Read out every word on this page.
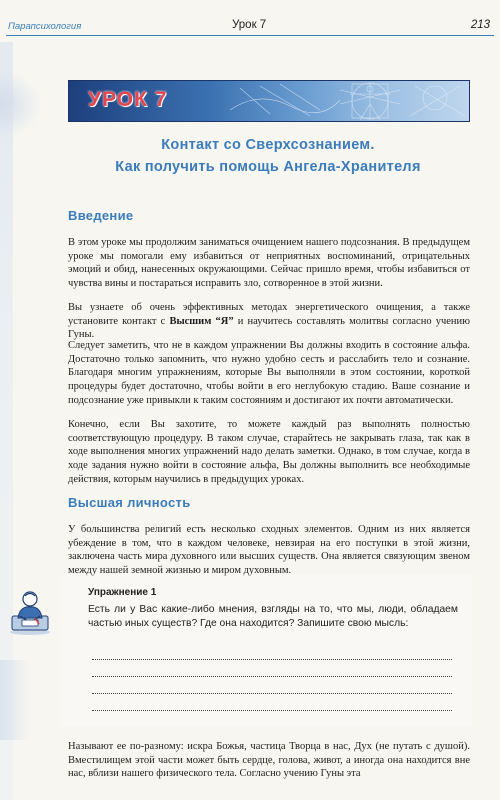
Парапсихология	Урок 7	213
УРОК 7
Контакт со Сверхсознанием.
Как получить помощь Ангела-Хранителя
Введение

В этом уроке мы продолжим заниматься очищением нашего подсознания. В предыдущем уроке мы помогали ему избавиться от неприятных воспоминаний, отрицательных эмоций и обид, нанесенных окружающими. Сейчас пришло время, чтобы избавиться от чувства вины и постараться исправить зло, сотворенное в этой жизни.

Вы узнаете об очень эффективных методах энергетического очищения, а также установите контакт с Высшим “Я” и научитесь составлять молитвы согласно учению Гуны.

Следует заметить, что не в каждом упражнении Вы должны входить в состояние альфа. Достаточно только запомнить, что нужно удобно сесть и расслабить тело и сознание. Благодаря многим упражнениям, которые Вы выполняли в этом состоянии, короткой процедуры будет достаточно, чтобы войти в его неглубокую стадию. Ваше сознание и подсознание уже привыкли к таким состояниям и достигают их почти автоматически.

Конечно, если Вы захотите, то можете каждый раз выполнять полностью соответствующую процедуру. В таком случае, старайтесь не закрывать глаза, так как в ходе выполнения многих упражнений надо делать заметки. Однако, в том случае, когда в ходе задания нужно войти в состояние альфа, Вы должны выполнить все необходимые действия, которым научились в предыдущих уроках.

Высшая личность

У большинства религий есть несколько сходных элементов. Одним из них является убеждение в том, что в каждом человеке, невзирая на его поступки в этой жизни, заключена часть мира духовного или высших существ. Она является связующим звеном между нашей земной жизнью и миром духовным.

Упражнение 1

Есть ли у Вас какие-либо мнения, взгляды на то, что мы, люди, обладаем частью иных существ? Где она находится? Запишите свою мысль:

Называют ее по-разному: искра Божья, частица Творца в нас, Дух (не путать с душой). Вместилищем этой части может быть сердце, голова, живот, а иногда она находится вне нас, вблизи нашего физического тела. Согласно учению Гуны эта
